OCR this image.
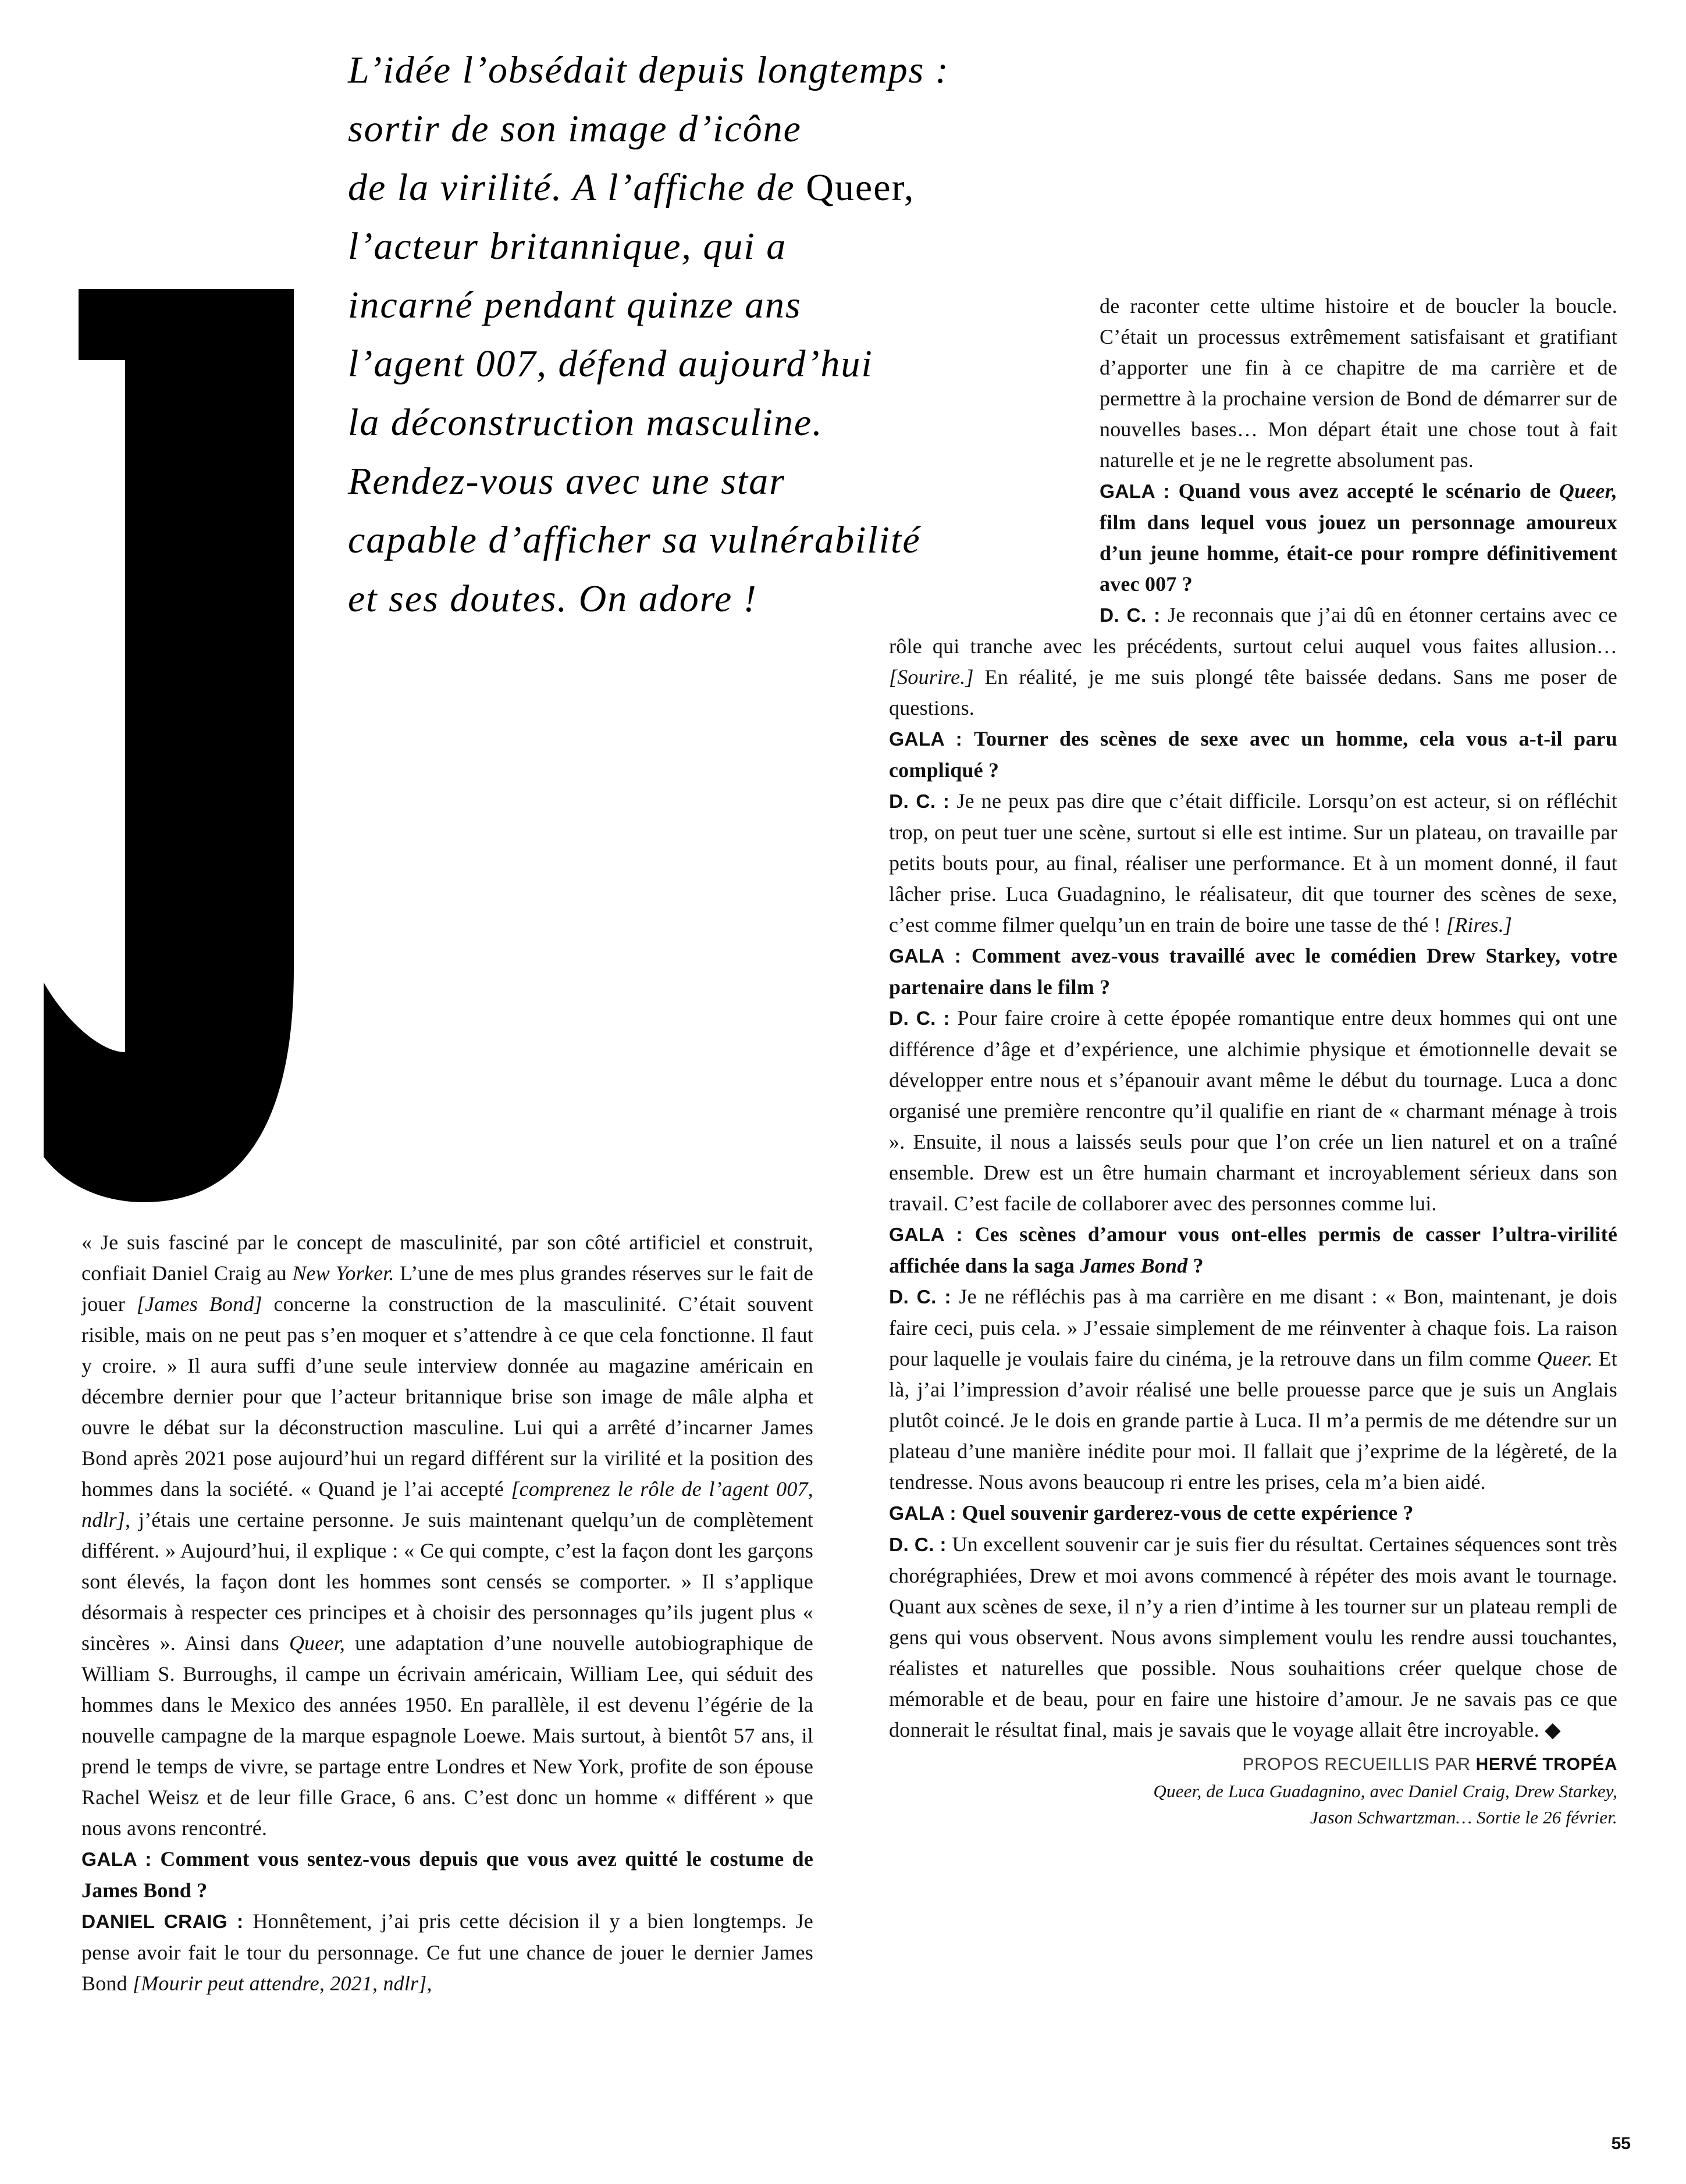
L’idée l’obsédait depuis longtemps :
sortir de son image d’icône
de la virilité. A l’affiche de Queer,
l’acteur britannique, qui a
incarné pendant quinze ans
l’agent 007, défend aujourd’hui
la déconstruction masculine.
Rendez-vous avec une star
capable d’afficher sa vulnérabilité
et ses doutes. On adore !

« Je suis fasciné par le concept de masculinité, par son côté artificiel et construit, confiait Daniel Craig au New Yorker. L’une de mes plus grandes réserves sur le fait de jouer [James Bond] concerne la construction de la masculinité. C’était souvent risible, mais on ne peut pas s’en moquer et s’attendre à ce que cela fonctionne. Il faut y croire. » Il aura suffi d’une seule interview donnée au magazine américain en décembre dernier pour que l’acteur britannique brise son image de mâle alpha et ouvre le débat sur la déconstruction masculine. Lui qui a arrêté d’incarner James Bond après 2021 pose aujourd’hui un regard différent sur la virilité et la position des hommes dans la société. « Quand je l’ai accepté [comprenez le rôle de l’agent 007, ndlr], j’étais une certaine personne. Je suis maintenant quelqu’un de complètement différent. » Aujourd’hui, il explique : « Ce qui compte, c’est la façon dont les garçons sont élevés, la façon dont les hommes sont censés se comporter. » Il s’applique désormais à respecter ces principes et à choisir des personnages qu’ils jugent plus « sincères ». Ainsi dans Queer, une adaptation d’une nouvelle autobiographique de William S. Burroughs, il campe un écrivain américain, William Lee, qui séduit des hommes dans le Mexico des années 1950. En parallèle, il est devenu l’égérie de la nouvelle campagne de la marque espagnole Loewe. Mais surtout, à bientôt 57 ans, il prend le temps de vivre, se partage entre Londres et New York, profite de son épouse Rachel Weisz et de leur fille Grace, 6 ans. C’est donc un homme « différent » que nous avons rencontré.

GALA : Comment vous sentez-vous depuis que vous avez quitté le costume de James Bond ?

DANIEL CRAIG : Honnêtement, j’ai pris cette décision il y a bien longtemps. Je pense avoir fait le tour du personnage. Ce fut une chance de jouer le dernier James Bond [Mourir peut attendre, 2021, ndlr],

de raconter cette ultime histoire et de boucler la boucle. C’était un processus extrêmement satisfaisant et gratifiant d’apporter une fin à ce chapitre de ma carrière et de permettre à la prochaine version de Bond de démarrer sur de nouvelles bases… Mon départ était une chose tout à fait naturelle et je ne le regrette absolument pas.

GALA : Quand vous avez accepté le scénario de Queer, film dans lequel vous jouez un personnage amoureux d’un jeune homme, était-ce pour rompre définitivement avec 007 ?

D. C. : Je reconnais que j’ai dû en étonner certains avec ce rôle qui tranche avec les précédents, surtout celui auquel vous faites allusion… [Sourire.] En réalité, je me suis plongé tête baissée dedans. Sans me poser de questions.

GALA : Tourner des scènes de sexe avec un homme, cela vous a-t-il paru compliqué ?

D. C. : Je ne peux pas dire que c’était difficile. Lorsqu’on est acteur, si on réfléchit trop, on peut tuer une scène, surtout si elle est intime. Sur un plateau, on travaille par petits bouts pour, au final, réaliser une performance. Et à un moment donné, il faut lâcher prise. Luca Guadagnino, le réalisateur, dit que tourner des scènes de sexe, c’est comme filmer quelqu’un en train de boire une tasse de thé ! [Rires.]

GALA : Comment avez-vous travaillé avec le comédien Drew Starkey, votre partenaire dans le film ?

D. C. : Pour faire croire à cette épopée romantique entre deux hommes qui ont une différence d’âge et d’expérience, une alchimie physique et émotionnelle devait se développer entre nous et s’épanouir avant même le début du tournage. Luca a donc organisé une première rencontre qu’il qualifie en riant de « charmant ménage à trois ». Ensuite, il nous a laissés seuls pour que l’on crée un lien naturel et on a traîné ensemble. Drew est un être humain charmant et incroyablement sérieux dans son travail. C’est facile de collaborer avec des personnes comme lui.

GALA : Ces scènes d’amour vous ont-elles permis de casser l’ultra-virilité affichée dans la saga James Bond ?

D. C. : Je ne réfléchis pas à ma carrière en me disant : « Bon, maintenant, je dois faire ceci, puis cela. » J’essaie simplement de me réinventer à chaque fois. La raison pour laquelle je voulais faire du cinéma, je la retrouve dans un film comme Queer. Et là, j’ai l’impression d’avoir réalisé une belle prouesse parce que je suis un Anglais plutôt coincé. Je le dois en grande partie à Luca. Il m’a permis de me détendre sur un plateau d’une manière inédite pour moi. Il fallait que j’exprime de la légèreté, de la tendresse. Nous avons beaucoup ri entre les prises, cela m’a bien aidé.

GALA : Quel souvenir garderez-vous de cette expérience ?

D. C. : Un excellent souvenir car je suis fier du résultat. Certaines séquences sont très chorégraphiées, Drew et moi avons commencé à répéter des mois avant le tournage. Quant aux scènes de sexe, il n’y a rien d’intime à les tourner sur un plateau rempli de gens qui vous observent. Nous avons simplement voulu les rendre aussi touchantes, réalistes et naturelles que possible. Nous souhaitions créer quelque chose de mémorable et de beau, pour en faire une histoire d’amour. Je ne savais pas ce que donnerait le résultat final, mais je savais que le voyage allait être incroyable. ◆

PROPOS RECUEILLIS PAR HERVÉ TROPÉA

Queer, de Luca Guadagnino, avec Daniel Craig, Drew Starkey,

Jason Schwartzman… Sortie le 26 février.

55
